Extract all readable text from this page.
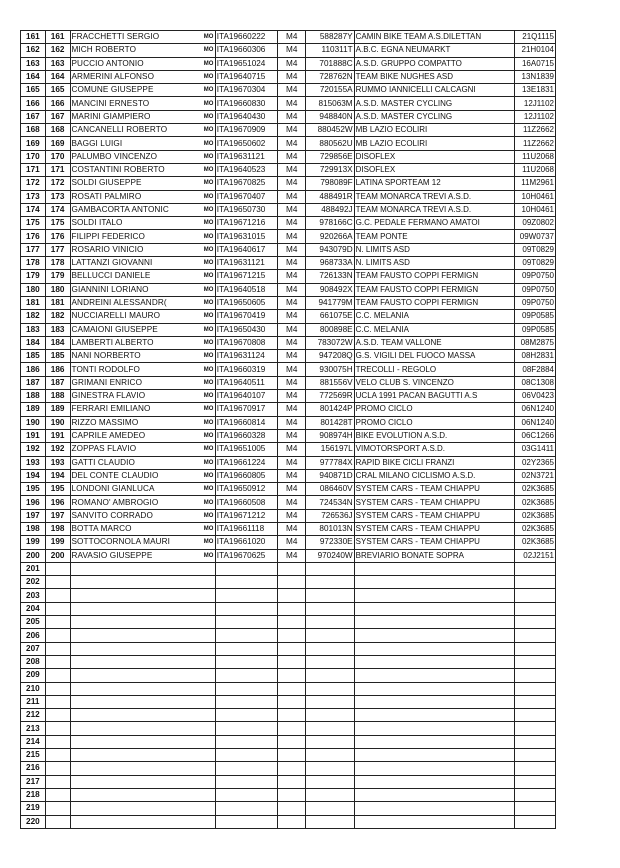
161	161	FRACCHETTI SERGIO	MO	ITA19660222	M4	588287Y	CAMIN BIKE TEAM A.S.DILETTAN	21Q1115
162	162	MICH ROBERTO	MO	ITA19660306	M4	110311T	A.B.C. EGNA NEUMARKT	21H0104
163	163	PUCCIO ANTONIO	MO	ITA19651024	M4	701888C	A.S.D. GRUPPO COMPATTO	16A0715
164	164	ARMERINI ALFONSO	MO	ITA19640715	M4	728762N	TEAM BIKE NUGHES ASD	13N1839
165	165	COMUNE GIUSEPPE	MO	ITA19670304	M4	720155A	RUMMO IANNICELLI CALCAGNI	13E1831
166	166	MANCINI ERNESTO	MO	ITA19660830	M4	815063M	A.S.D. MASTER CYCLING	12J1102
167	167	MARINI GIAMPIERO	MO	ITA19640430	M4	948840N	A.S.D. MASTER CYCLING	12J1102
168	168	CANCANELLI ROBERTO	MO	ITA19670909	M4	880452W	MB LAZIO ECOLIRI	11Z2662
169	169	BAGGI LUIGI	MO	ITA19650602	M4	880562U	MB LAZIO ECOLIRI	11Z2662
170	170	PALUMBO VINCENZO	MO	ITA19631121	M4	729856E	DISOFLEX	11U2068
171	171	COSTANTINI ROBERTO	MO	ITA19640523	M4	729913X	DISOFLEX	11U2068
172	172	SOLDI GIUSEPPE	MO	ITA19670825	M4	798089F	LATINA SPORTEAM 12	11M2961
173	173	ROSATI PALMIRO	MO	ITA19670407	M4	488491R	TEAM MONARCA TREVI A.S.D.	10H0461
174	174	GAMBACORTA ANTONIC	MO	ITA19650730	M4	488492J	TEAM MONARCA TREVI A.S.D.	10H0461
175	175	SOLDI ITALO	MO	ITA19671216	M4	978166C	G.C. PEDALE FERMANO AMATOI	09Z0802
176	176	FILIPPI FEDERICO	MO	ITA19631015	M4	920266A	TEAM PONTE	09W0737
177	177	ROSARIO VINICIO	MO	ITA19640617	M4	943079D	N. LIMITS ASD	09T0829
178	178	LATTANZI GIOVANNI	MO	ITA19631121	M4	968733A	N. LIMITS ASD	09T0829
179	179	BELLUCCI DANIELE	MO	ITA19671215	M4	726133N	TEAM FAUSTO COPPI FERMIGN	09P0750
180	180	GIANNINI LORIANO	MO	ITA19640518	M4	908492X	TEAM FAUSTO COPPI FERMIGN	09P0750
181	181	ANDREINI ALESSANDR(	MO	ITA19650605	M4	941779M	TEAM FAUSTO COPPI FERMIGN	09P0750
182	182	NUCCIARELLI MAURO	MO	ITA19670419	M4	661075E	C.C. MELANIA	09P0585
183	183	CAMAIONI GIUSEPPE	MO	ITA19650430	M4	800898E	C.C. MELANIA	09P0585
184	184	LAMBERTI ALBERTO	MO	ITA19670808	M4	783072W	A.S.D. TEAM VALLONE	08M2875
185	185	NANI NORBERTO	MO	ITA19631124	M4	947208Q	G.S. VIGILI DEL FUOCO MASSA	08H2831
186	186	TONTI RODOLFO	MO	ITA19660319	M4	930075H	TRECOLLI - REGOLO	08F2884
187	187	GRIMANI ENRICO	MO	ITA19640511	M4	881556V	VELO CLUB S. VINCENZO	08C1308
188	188	GINESTRA FLAVIO	MO	ITA19640107	M4	772569R	UCLA 1991 PACAN BAGUTTI A.S	06V0423
189	189	FERRARI EMILIANO	MO	ITA19670917	M4	801424P	PROMO CICLO	06N1240
190	190	RIZZO MASSIMO	MO	ITA19660814	M4	801428T	PROMO CICLO	06N1240
191	191	CAPRILE AMEDEO	MO	ITA19660328	M4	908974H	BIKE EVOLUTION A.S.D.	06C1266
192	192	ZOPPAS FLAVIO	MO	ITA19651005	M4	156197L	VIMOTORSPORT A.S.D.	03G1411
193	193	GATTI CLAUDIO	MO	ITA19661224	M4	977784X	RAPID BIKE CICLI FRANZI	02Y2365
194	194	DEL CONTE CLAUDIO	MO	ITA19660805	M4	940871D	CRAL MILANO CICLISMO A.S.D.	02N3721
195	195	LONDONI GIANLUCA	MO	ITA19650912	M4	086460V	SYSTEM CARS - TEAM CHIAPPU	02K3685
196	196	ROMANO' AMBROGIO	MO	ITA19660508	M4	724534N	SYSTEM CARS - TEAM CHIAPPU	02K3685
197	197	SANVITO CORRADO	MO	ITA19671212	M4	726536J	SYSTEM CARS - TEAM CHIAPPU	02K3685
198	198	BOTTA MARCO	MO	ITA19661118	M4	801013N	SYSTEM CARS - TEAM CHIAPPU	02K3685
199	199	SOTTOCORNOLA MAURI	MO	ITA19661020	M4	972330E	SYSTEM CARS - TEAM CHIAPPU	02K3685
200	200	RAVASIO GIUSEPPE	MO	ITA19670625	M4	970240W	BREVIARIO BONATE SOPRA	02J2151
201								
202								
203								
204								
205								
206								
207								
208								
209								
210								
211								
212								
213								
214								
215								
216								
217								
218								
219								
220								
